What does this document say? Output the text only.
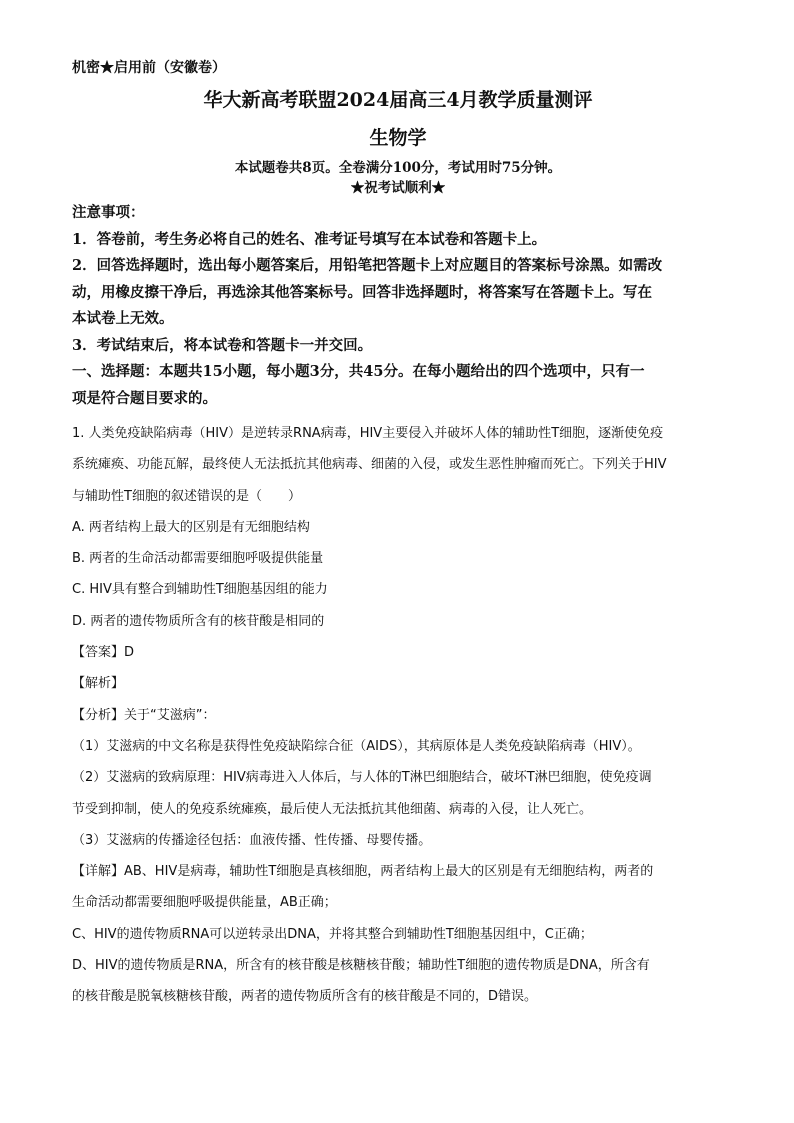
机密★启用前（安徽卷）
华大新高考联盟2024届高三4月教学质量测评
生物学
本试题卷共8页。全卷满分100分，考试用时75分钟。
★祝考试顺利★
注意事项：
1．答卷前，考生务必将自己的姓名、准考证号填写在本试卷和答题卡上。
2．回答选择题时，选出每小题答案后，用铅笔把答题卡上对应题目的答案标号涂黑。如需改
动，用橡皮擦干净后，再选涂其他答案标号。回答非选择题时，将答案写在答题卡上。写在
本试卷上无效。
3．考试结束后，将本试卷和答题卡一并交回。
一、选择题：本题共15小题，每小题3分，共45分。在每小题给出的四个选项中，只有一
项是符合题目要求的。
1. 人类免疫缺陷病毒（HIV）是逆转录RNA病毒，HIV主要侵入并破坏人体的辅助性T细胞，逐渐使免疫
系统瘫痪、功能瓦解，最终使人无法抵抗其他病毒、细菌的入侵，或发生恶性肿瘤而死亡。下列关于HIV
与辅助性T细胞的叙述错误的是（　　）
A. 两者结构上最大的区别是有无细胞结构
B. 两者的生命活动都需要细胞呼吸提供能量
C. HIV具有整合到辅助性T细胞基因组的能力
D. 两者的遗传物质所含有的核苷酸是相同的
【答案】D
【解析】
【分析】关于“艾滋病”：
（1）艾滋病的中文名称是获得性免疫缺陷综合征（AIDS），其病原体是人类免疫缺陷病毒（HIV）。
（2）艾滋病的致病原理：HIV病毒进入人体后，与人体的T淋巴细胞结合，破坏T淋巴细胞，使免疫调
节受到抑制，使人的免疫系统瘫痪，最后使人无法抵抗其他细菌、病毒的入侵，让人死亡。
（3）艾滋病的传播途径包括：血液传播、性传播、母婴传播。
【详解】AB、HIV是病毒，辅助性T细胞是真核细胞，两者结构上最大的区别是有无细胞结构，两者的
生命活动都需要细胞呼吸提供能量，AB正确；
C、HIV的遗传物质RNA可以逆转录出DNA，并将其整合到辅助性T细胞基因组中，C正确；
D、HIV的遗传物质是RNA，所含有的核苷酸是核糖核苷酸；辅助性T细胞的遗传物质是DNA，所含有
的核苷酸是脱氧核糖核苷酸，两者的遗传物质所含有的核苷酸是不同的，D错误。
